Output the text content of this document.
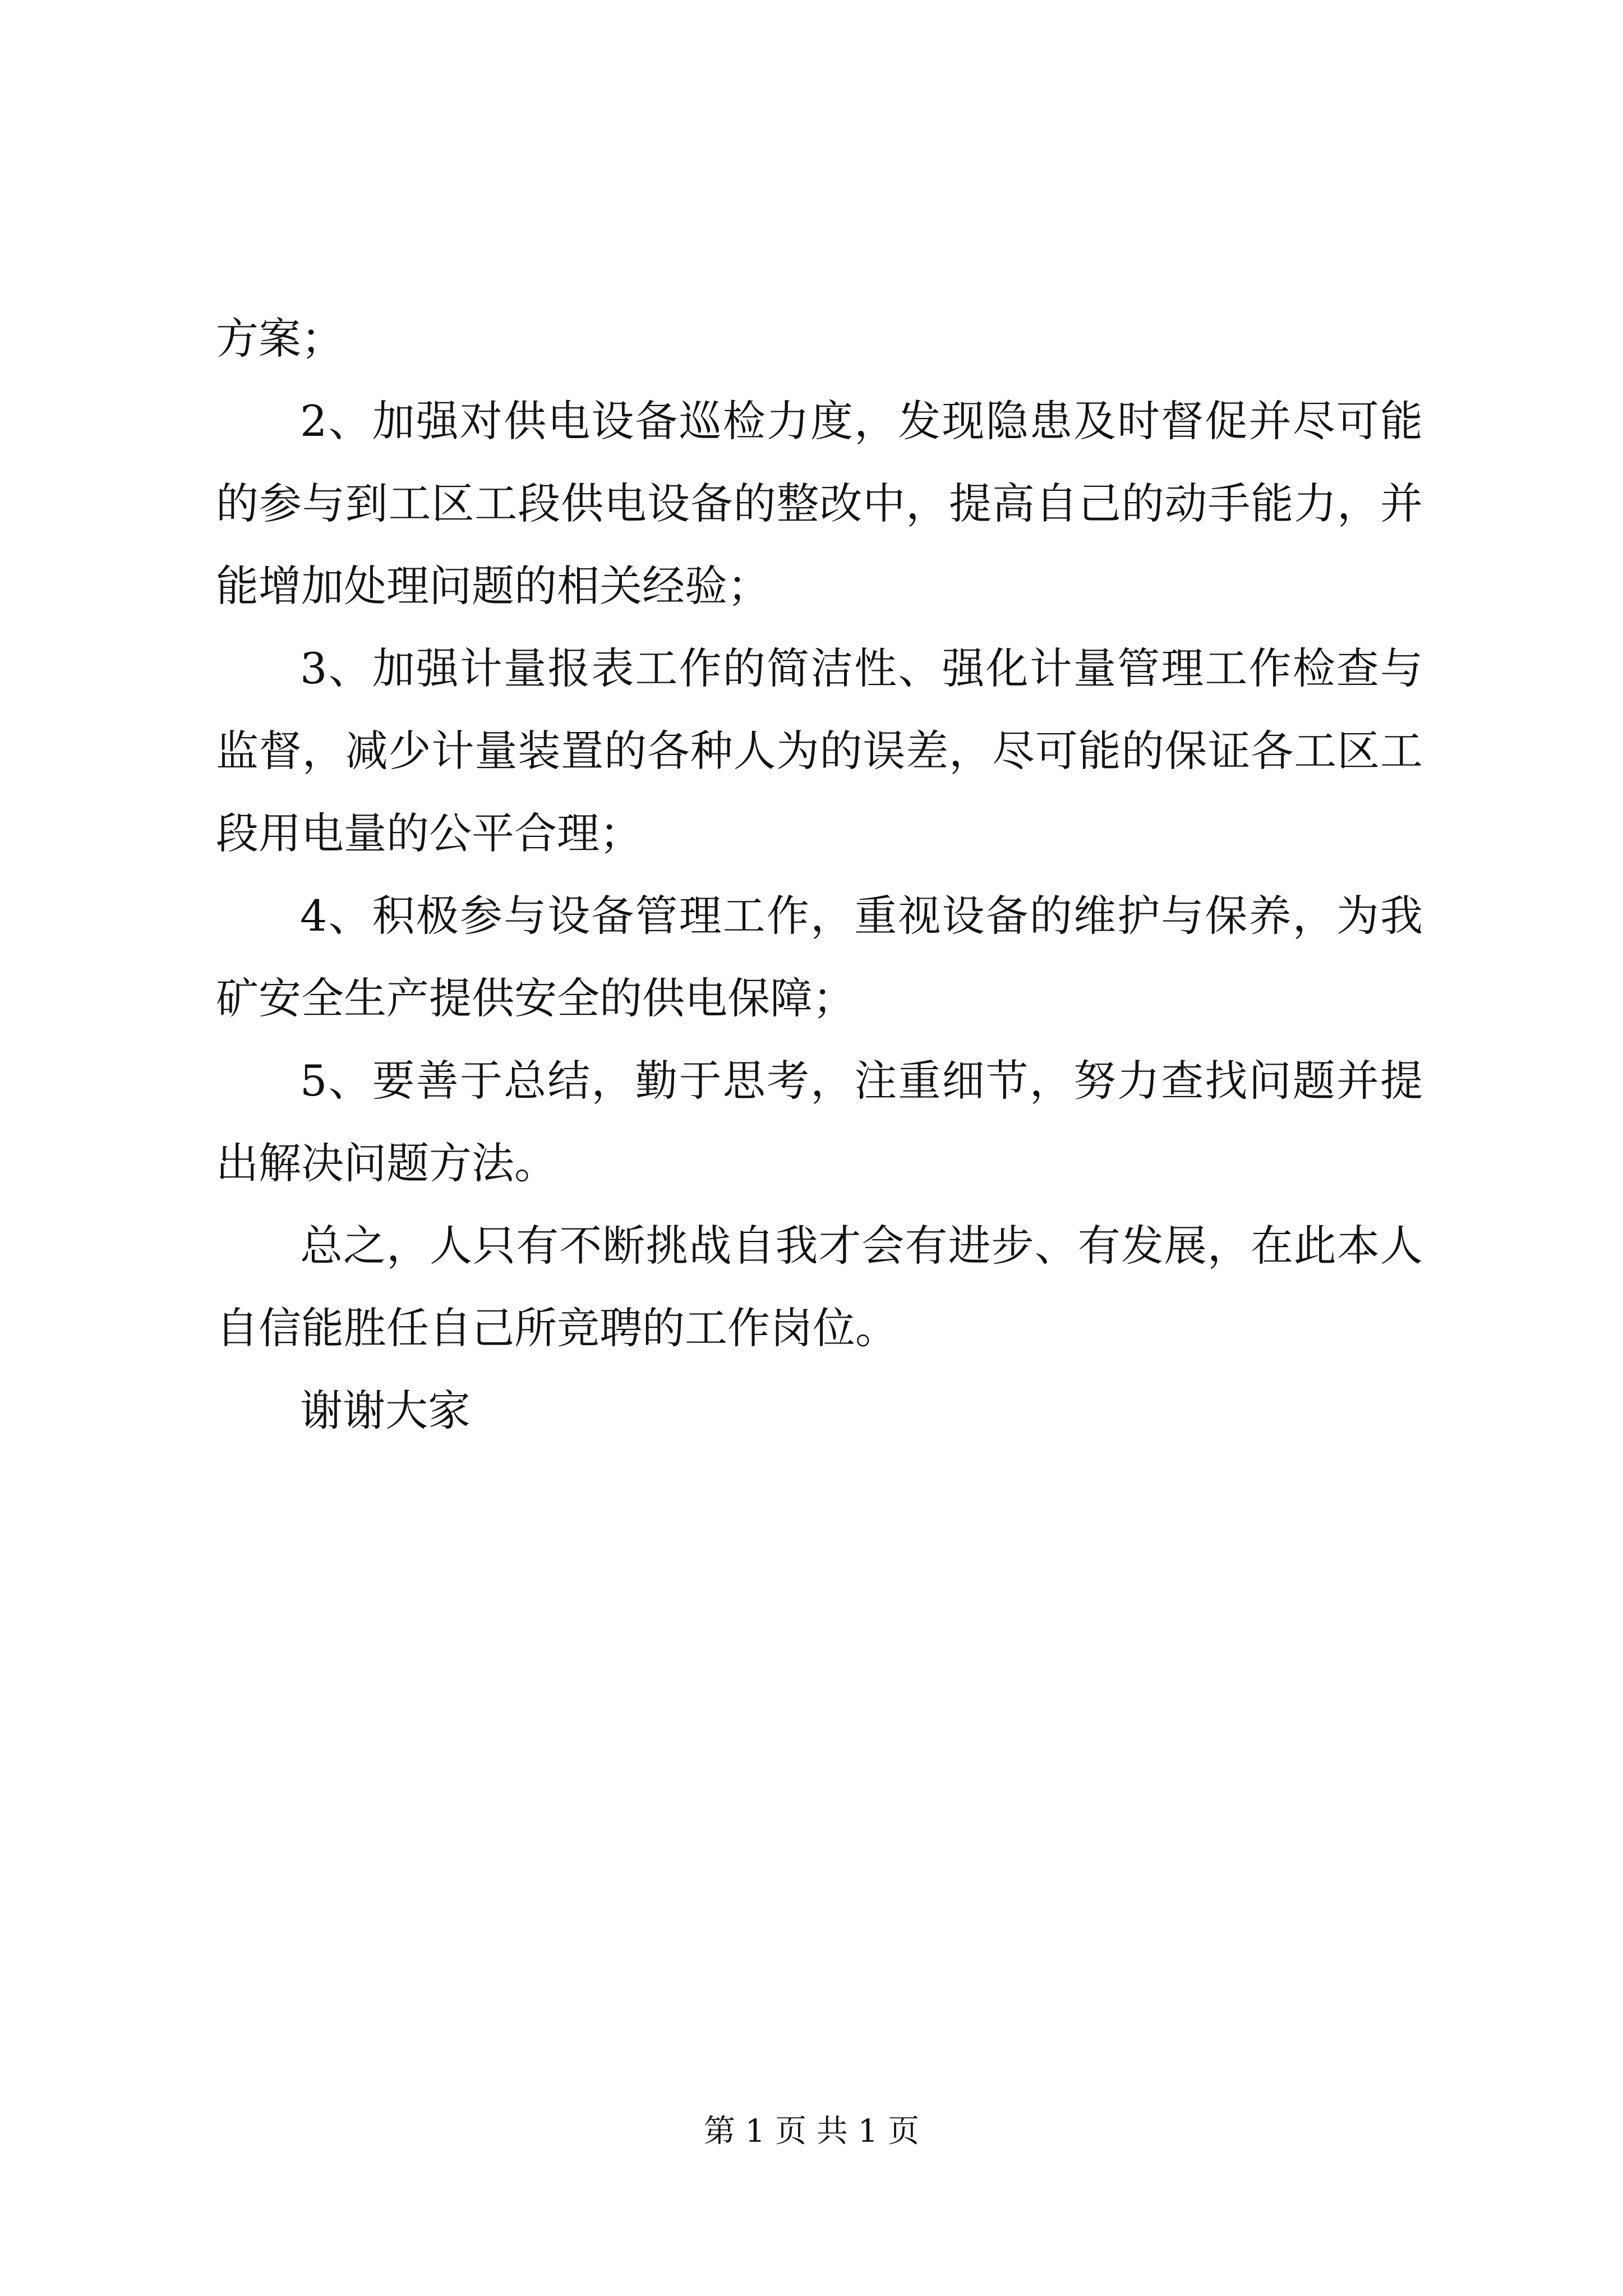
方案；
2、加强对供电设备巡检力度，发现隐患及时督促并尽可能
的参与到工区工段供电设备的整改中，提高自己的动手能力，并
能增加处理问题的相关经验；
3、加强计量报表工作的简洁性、强化计量管理工作检查与
监督，减少计量装置的各种人为的误差，尽可能的保证各工区工
段用电量的公平合理；
4、积极参与设备管理工作，重视设备的维护与保养，为我
矿安全生产提供安全的供电保障；
5、要善于总结，勤于思考，注重细节，努力查找问题并提
出解决问题方法。
总之，人只有不断挑战自我才会有进步、有发展，在此本人
自信能胜任自己所竞聘的工作岗位。
谢谢大家
第 1 页 共 1 页
